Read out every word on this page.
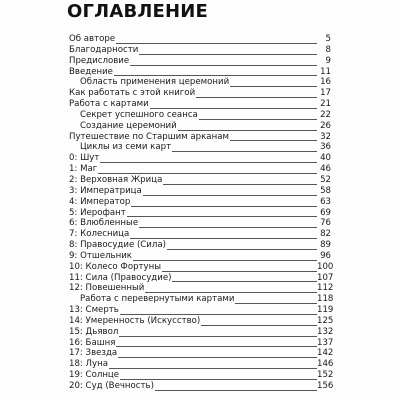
ОГЛАВЛЕНИЕ
Об авторе	5
Благодарности	8
Предисловие	9
Введение	11
Область применения церемоний	16
Как работать с этой книгой	17
Работа с картами	21
Секрет успешного сеанса	22
Создание церемоний	26
Путешествие по Старшим арканам	32
Циклы из семи карт	36
0: Шут	40
1: Маг	46
2: Верховная Жрица	52
3: Императрица	58
4: Император	63
5: Иерофант	69
6: Влюбленные	76
7: Колесница	82
8: Правосудие (Сила)	89
9: Отшельник	96
10: Колесо Фортуны	100
11: Сила (Правосудие)	107
12: Повешенный	112
Работа с перевернутыми картами	118
13: Смерть	119
14: Умеренность (Искусство)	125
15: Дьявол	132
16: Башня	137
17: Звезда	142
18: Луна	146
19: Солнце	152
20: Суд (Вечность)	156
